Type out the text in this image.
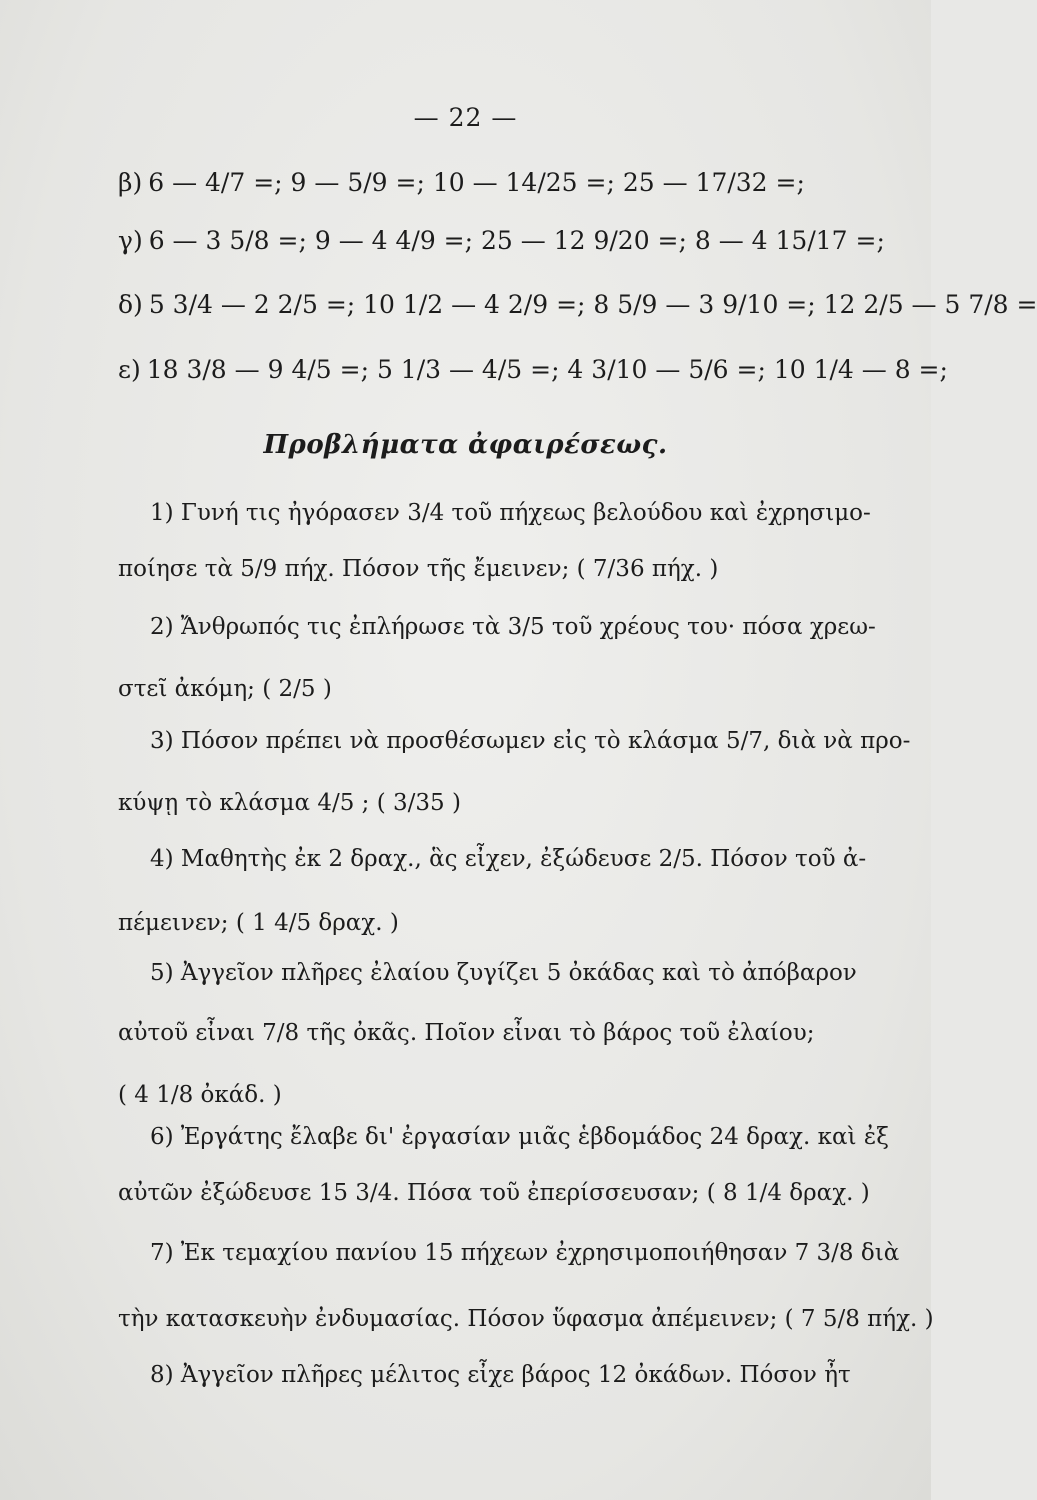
— 22 —
β) 6 — 4/7 =; 9 — 5/9 =; 10 — 14/25 =; 25 — 17/32 =;
γ) 6 — 3 5/8 =; 9 — 4 4/9 =; 25 — 12 9/20 =; 8 — 4 15/17 =;
δ) 5 3/4 — 2 2/5 =; 10 1/2 — 4 2/9 =; 8 5/9 — 3 9/10 =; 12 2/5 — 5 7/8 =
ε) 18 3/8 — 9 4/5 =; 5 1/3 — 4/5 =; 4 3/10 — 5/6 =; 10 1/4 — 8 =;
Προβλήματα ἀφαιρέσεως.
1) Γυνή τις ἠγόρασεν 3/4 τοῦ πήχεως βελούδου καὶ ἐχρησιμο-
ποίησε τὰ 5/9 πήχ. Πόσον τῆς ἔμεινεν; ( 7/36 πήχ. )
2) Ἄνθρωπός τις ἐπλήρωσε τὰ 3/5 τοῦ χρέους του· πόσα χρεω-
στεῖ ἀκόμη; ( 2/5 )
3) Πόσον πρέπει νὰ προσθέσωμεν εἰς τὸ κλάσμα 5/7, διὰ νὰ προ-
κύψῃ τὸ κλάσμα 4/5 ; ( 3/35 )
4) Μαθητὴς ἐκ 2 δραχ., ἃς εἶχεν, ἐξώδευσε 2/5. Πόσον τοῦ ἀ-
πέμεινεν; ( 1 4/5 δραχ. )
5) Ἀγγεῖον πλῆρες ἐλαίου ζυγίζει 5 ὀκάδας καὶ τὸ ἀπόβαρον
αὐτοῦ εἶναι 7/8 τῆς ὀκᾶς. Ποῖον εἶναι τὸ βάρος τοῦ ἐλαίου;
( 4 1/8 ὀκάδ. )
6) Ἐργάτης ἔλαβε δι' ἐργασίαν μιᾶς ἑβδομάδος 24 δραχ. καὶ ἐξ
αὐτῶν ἐξώδευσε 15 3/4. Πόσα τοῦ ἐπερίσσευσαν; ( 8 1/4 δραχ. )
7) Ἐκ τεμαχίου πανίου 15 πήχεων ἐχρησιμοποιήθησαν 7 3/8 διὰ
τὴν κατασκευὴν ἐνδυμασίας. Πόσον ὕφασμα ἀπέμεινεν; ( 7 5/8 πήχ. )
8) Ἀγγεῖον πλῆρες μέλιτος εἶχε βάρος 12 ὀκάδων. Πόσον ἦτ
